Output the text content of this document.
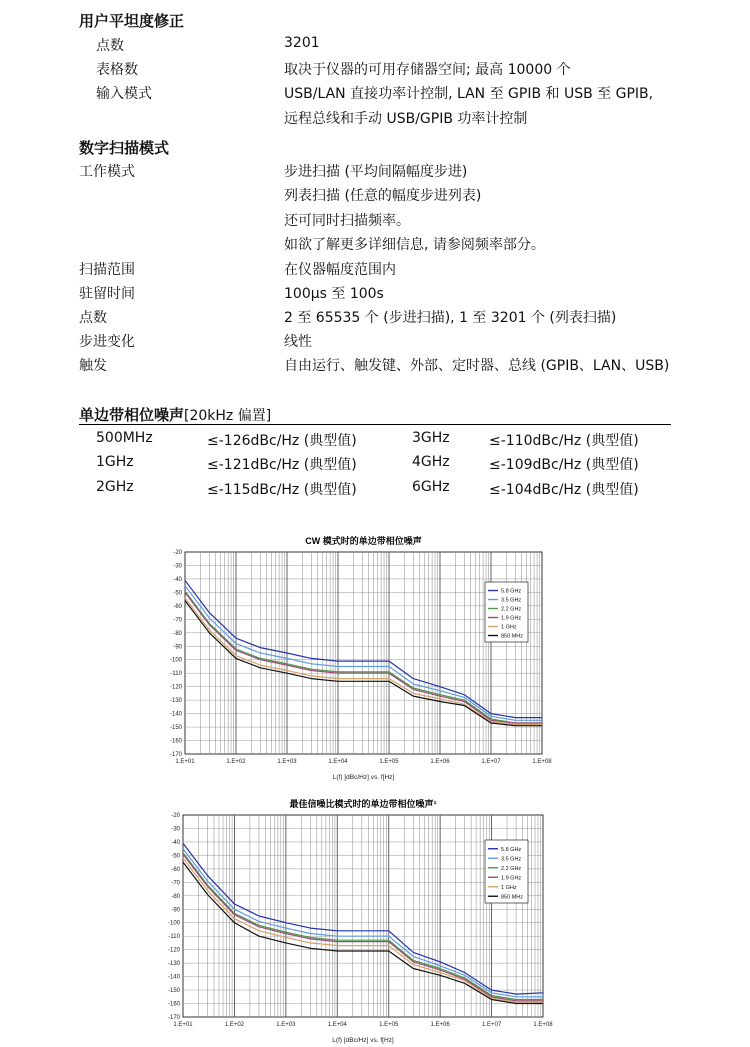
用户平坦度修正
点数	3201
表格数	取决于仪器的可用存储器空间; 最高 10000 个
输入模式	USB/LAN 直接功率计控制, LAN 至 GPIB 和 USB 至 GPIB,
远程总线和手动 USB/GPIB 功率计控制
数字扫描模式
工作模式	步进扫描 (平均间隔幅度步进)
列表扫描 (任意的幅度步进列表)
还可同时扫描频率。
如欲了解更多详细信息, 请参阅频率部分。
扫描范围	在仪器幅度范围内
驻留时间	100μs 至 100s
点数	2 至 65535 个 (步进扫描), 1 至 3201 个 (列表扫描)
步进变化	线性
触发	自由运行、触发键、外部、定时器、总线 (GPIB、LAN、USB)
单边带相位噪声[20kHz 偏置]
500MHz	≤-126dBc/Hz (典型值)	3GHz	≤-110dBc/Hz (典型值)
1GHz	≤-121dBc/Hz (典型值)	4GHz	≤-109dBc/Hz (典型值)
2GHz	≤-115dBc/Hz (典型值)	6GHz	≤-104dBc/Hz (典型值)
CW 模式时的单边带相位噪声
-20
-30
-40
-50
-60
-70
-80
-90
-100
-110
-120
-130
-140
-150
-160
-170
1.E+01	1.E+02	1.E+03	1.E+04	1.E+05	1.E+06	1.E+07	1.E+08
L(f) [dBc/Hz] vs. f[Hz]
5.8 GHz
3.5 GHz
2.2 GHz
1.9 GHz
1 GHz
850 MHz
最佳信噪比模式时的单边带相位噪声¹
-20
-30
-40
-50
-60
-70
-80
-90
-100
-110
-120
-130
-140
-150
-160
-170
1.E+01	1.E+02	1.E+03	1.E+04	1.E+05	1.E+06	1.E+07	1.E+08
L(f) [dBc/Hz] vs. f[Hz]
5.8 GHz
3.5 GHz
2.2 GHz
1.9 GHz
1 GHz
850 MHz
